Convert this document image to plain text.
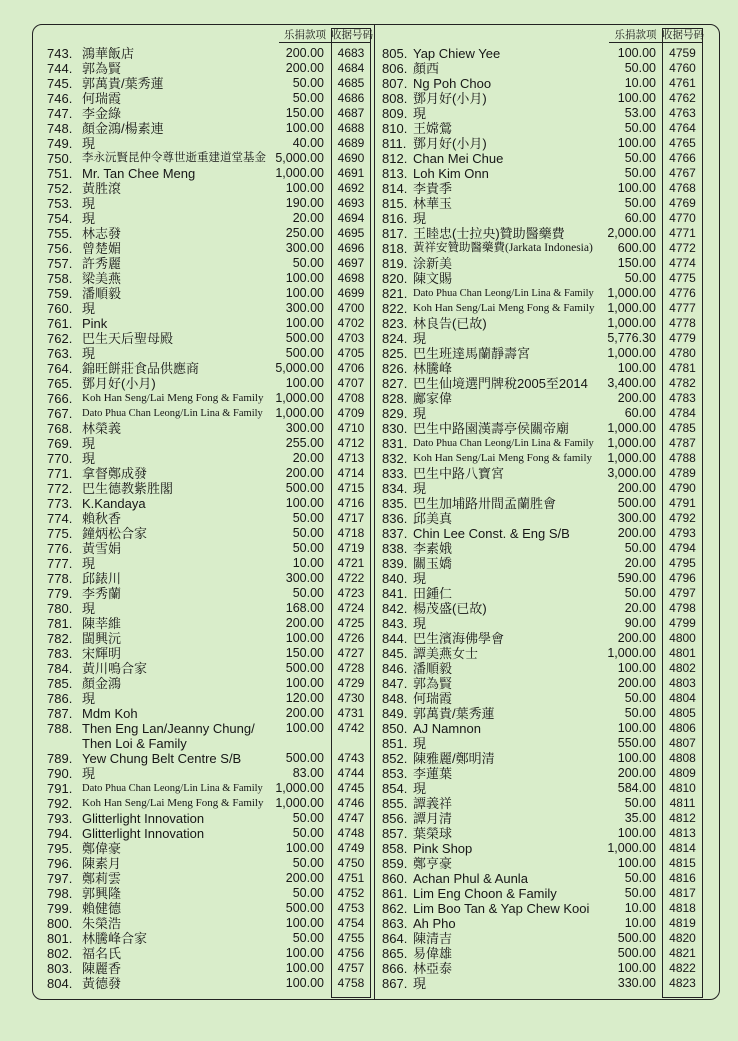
乐捐款项 收据号码	乐捐款项 收据号码
743. 鴻華飯店	200.00	4683
744. 郭為賢	200.00	4684
745. 郭萬貴/葉秀蓮	50.00	4685
746. 何瑞霞	50.00	4686
747. 李金綠	150.00	4687
748. 顏金鴻/楊素連	100.00	4688
749. 現	40.00	4689
750. 李永沅賢昆仲令尊世逝重建道堂基金 5,000.00	4690
751. Mr. Tan Chee Meng	1,000.00	4691
752. 黃胜滾	100.00	4692
753. 現	190.00	4693
754. 現	20.00	4694
755. 林志發	250.00	4695
756. 曾楚媚	300.00	4696
757. 許秀麗	50.00	4697
758. 梁美燕	100.00	4698
759. 潘順毅	100.00	4699
760. 現	300.00	4700
761. Pink	100.00	4702
762. 巴生天后聖母殿	500.00	4703
763. 現	500.00	4705
764. 錦旺餅莊食品供應商	5,000.00	4706
765. 鄧月好(小月)	100.00	4707
766. Koh Han Seng/Lai Meng Fong & Family 1,000.00	4708
767. Dato Phua Chan Leong/Lin Lina & Family	1,000.00	4709
768. 林榮義	300.00	4710
769. 現	255.00	4712
770. 現	20.00	4713
771. 拿督鄭成發	200.00	4714
772. 巴生德教紫胜閣	500.00	4715
773. K.Kandaya	100.00	4716
774. 賴秋香	50.00	4717
775. 鐘炳松合家	50.00	4718
776. 黃雪娟	50.00	4719
777. 現	10.00	4721
778. 邱錶川	300.00	4722
779. 李秀蘭	50.00	4723
780. 現	168.00	4724
781. 陳莘維	200.00	4725
782. 閩興沅	100.00	4726
783. 宋輝明	150.00	4727
784. 黃川鳴合家	500.00	4728
785. 顏金鴻	100.00	4729
786. 現	120.00	4730
787. Mdm Koh	200.00	4731
788. Then Eng Lan/Jeanny Chung/	100.00	4742
Then Loi & Family
789. Yew Chung Belt Centre S/B	500.00	4743
790. 現	83.00	4744
791. Dato Phua Chan Leong/Lin Lina & Family	1,000.00	4745
792. Koh Han Seng/Lai Meng Fong & Family 1,000.00	4746
793. Glitterlight Innovation	50.00	4747
794. Glitterlight Innovation	50.00	4748
795. 鄭偉豪	100.00	4749
796. 陳素月	50.00	4750
797. 鄭莉雲	200.00	4751
798. 郭興隆	50.00	4752
799. 賴健德	500.00	4753
800. 朱榮浩	100.00	4754
801. 林騰峰合家	50.00	4755
802. 福名氏	100.00	4756
803. 陳麗香	100.00	4757
804. 黃德發	100.00	4758
805. Yap Chiew Yee	100.00	4759
806. 顏西	50.00	4760
807. Ng Poh Choo	10.00	4761
808. 鄧月好(小月)	100.00	4762
809. 現	53.00	4763
810. 王嫦鶯	50.00	4764
811. 鄧月好(小月)	100.00	4765
812. Chan Mei Chue	50.00	4766
813. Loh Kim Onn	50.00	4767
814. 李貴季	100.00	4768
815. 林華玉	50.00	4769
816. 現	60.00	4770
817. 王睦忠(士拉央)贊助醫藥費	2,000.00	4771
818. 黃祥安贊助醫藥費(Jarkata Indonesia)	600.00	4772
819. 涂新美	150.00	4774
820. 陳文賜	50.00	4775
821. Dato Phua Chan Leong/Lin Lina & Family	1,000.00	4776
822. Koh Han Seng/Lai Meng Fong & Family	1,000.00	4777
823. 林良告(已故)	1,000.00	4778
824. 現	5,776.30	4779
825. 巴生班達馬蘭靜壽宮	1,000.00	4780
826. 林騰峰	100.00	4781
827. 巴生仙境選門牌稅2005至2014	3,400.00	4782
828. 鄺家偉	200.00	4783
829. 現	60.00	4784
830. 巴生中路園漢壽亭侯關帝廟	1,000.00	4785
831. Dato Phua Chan Leong/Lin Lina & Family	1,000.00	4787
832. Koh Han Seng/Lai Meng Fong & family	1,000.00	4788
833. 巴生中路八寶宮	3,000.00	4789
834. 現	200.00	4790
835. 巴生加埔路卅間孟蘭胜會	500.00	4791
836. 邱美真	300.00	4792
837. Chin Lee Const. & Eng S/B	200.00	4793
838. 李素娥	50.00	4794
839. 關玉嬌	20.00	4795
840. 現	590.00	4796
841. 田鍾仁	50.00	4797
842. 楊茂盛(已故)	20.00	4798
843. 現	90.00	4799
844. 巴生濱海佛學會	200.00	4800
845. 譚美燕女士	1,000.00	4801
846. 潘順毅	100.00	4802
847. 郭為賢	200.00	4803
848. 何瑞霞	50.00	4804
849. 郭萬貴/葉秀蓮	50.00	4805
850. AJ Namnon	100.00	4806
851. 現	550.00	4807
852. 陳雅麗/鄭明清	100.00	4808
853. 李蓮葉	200.00	4809
854. 現	584.00	4810
855. 譚義祥	50.00	4811
856. 譚月清	35.00	4812
857. 葉榮球	100.00	4813
858. Pink Shop	1,000.00	4814
859. 鄭亨豪	100.00	4815
860. Achan Phul & Aunla	50.00	4816
861. Lim Eng Choon & Family	50.00	4817
862. Lim Boo Tan & Yap Chew Kooi	10.00	4818
863. Ah Pho	10.00	4819
864. 陳清吉	500.00	4820
865. 易偉雄	500.00	4821
866. 林亞泰	100.00	4822
867. 現	330.00	4823
